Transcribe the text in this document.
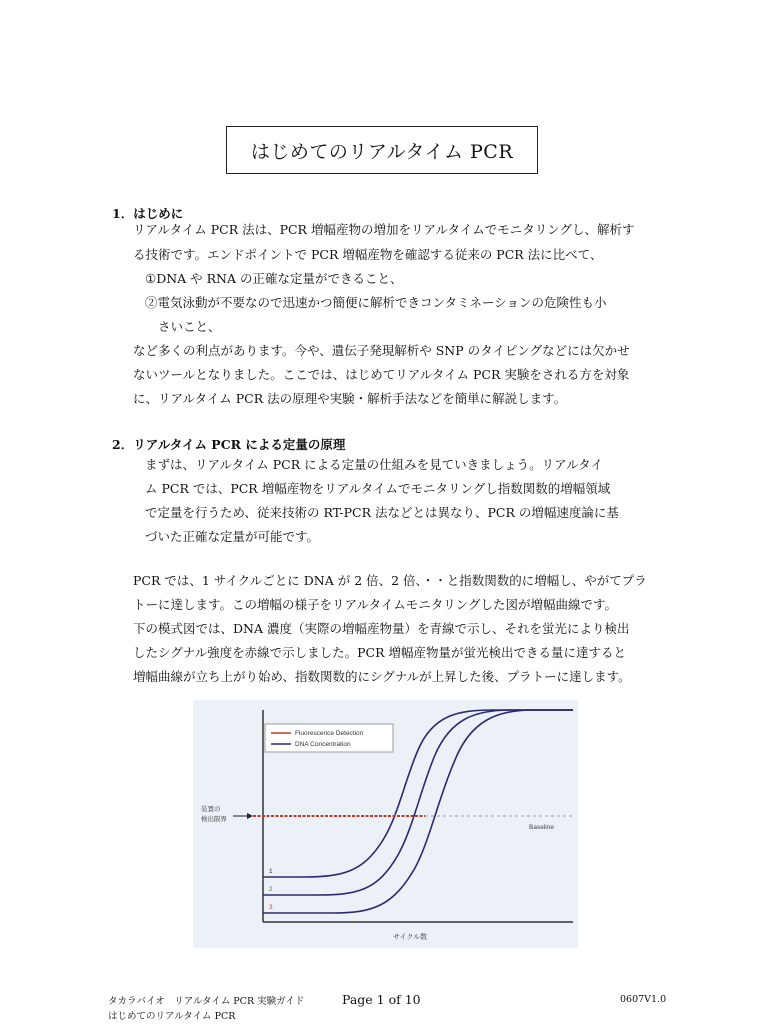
はじめてのリアルタイム PCR
1．はじめに
リアルタイム PCR 法は、PCR 増幅産物の増加をリアルタイムでモニタリングし、解析す
る技術です。エンドポイントで PCR 増幅産物を確認する従来の PCR 法に比べて、
①DNA や RNA の正確な定量ができること、
②電気泳動が不要なので迅速かつ簡便に解析できコンタミネーションの危険性も小
さいこと、
など多くの利点があります。今や、遺伝子発現解析や SNP のタイピングなどには欠かせ
ないツールとなりました。ここでは、はじめてリアルタイム PCR 実験をされる方を対象
に、リアルタイム PCR 法の原理や実験・解析手法などを簡単に解説します。
2．リアルタイム PCR による定量の原理
まずは、リアルタイム PCR による定量の仕組みを見ていきましょう。リアルタイ
ム PCR では、PCR 増幅産物をリアルタイムでモニタリングし指数関数的増幅領域
で定量を行うため、従来技術の RT-PCR 法などとは異なり、PCR の増幅速度論に基
づいた正確な定量が可能です。
PCR では、1 サイクルごとに DNA が 2 倍、2 倍、・・と指数関数的に増幅し、やがてプラ
トーに達します。この増幅の様子をリアルタイムモニタリングした図が増幅曲線です。
下の模式図では、DNA 濃度（実際の増幅産物量）を青線で示し、それを蛍光により検出
したシグナル強度を赤線で示しました。PCR 増幅産物量が蛍光検出できる量に達すると
増幅曲線が立ち上がり始め、指数関数的にシグナルが上昇した後、プラトーに達します。
Fluorescence Detection
DNA Concentration
装置の
検出限界
Baseline
1
2
3
サイクル数
タカラバイオ　リアルタイム PCR 実験ガイド
はじめてのリアルタイム PCR
Page 1 of 10	0607V1.0
